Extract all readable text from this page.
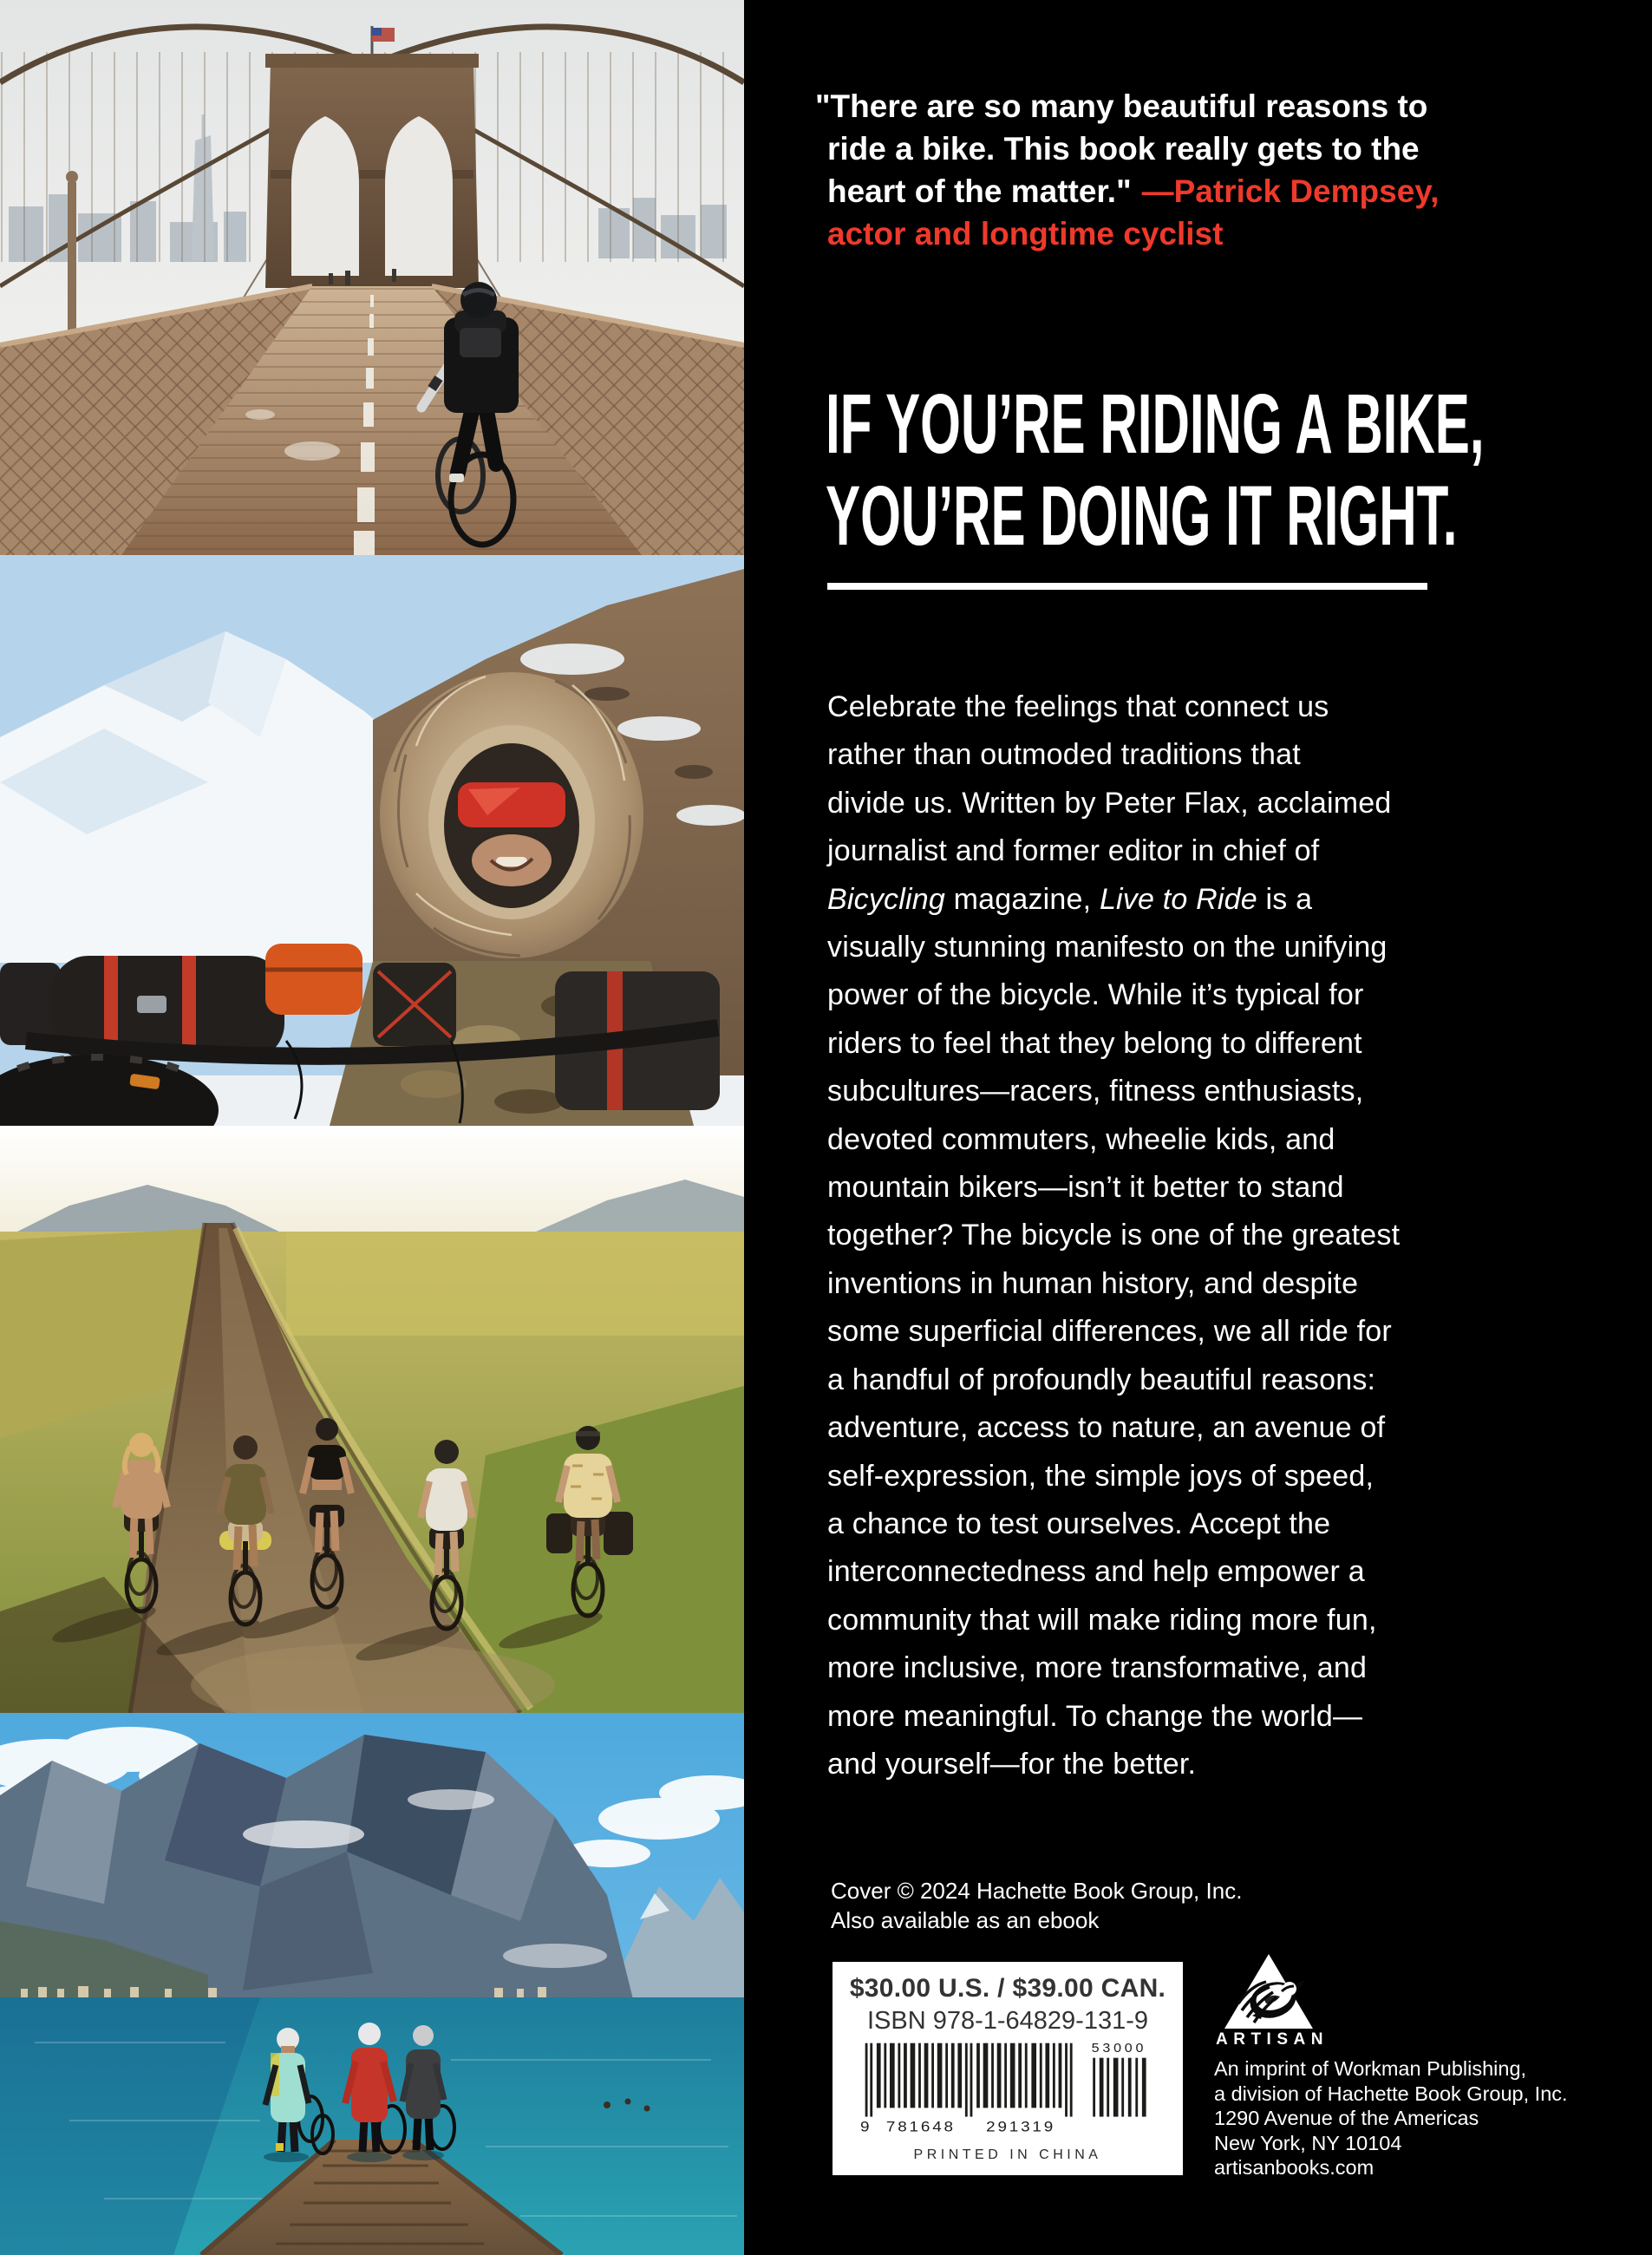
"There are so many beautiful reasons to
ride a bike. This book really gets to the
heart of the matter." —Patrick Dempsey,
actor and longtime cyclist
IF YOU’RE RIDING A BIKE,
YOU’RE DOING IT RIGHT.
Celebrate the feelings that connect us
rather than outmoded traditions that
divide us. Written by Peter Flax, acclaimed
journalist and former editor in chief of
Bicycling magazine, Live to Ride is a
visually stunning manifesto on the unifying
power of the bicycle. While it’s typical for
riders to feel that they belong to different
subcultures—racers, fitness enthusiasts,
devoted commuters, wheelie kids, and
mountain bikers—isn’t it better to stand
together? The bicycle is one of the greatest
inventions in human history, and despite
some superficial differences, we all ride for
a handful of profoundly beautiful reasons:
adventure, access to nature, an avenue of
self-expression, the simple joys of speed,
a chance to test ourselves. Accept the
interconnectedness and help empower a
community that will make riding more fun,
more inclusive, more transformative, and
more meaningful. To change the world—
and yourself—for the better.
Cover © 2024 Hachette Book Group, Inc.
Also available as an ebook
$30.00 U.S. / $39.00 CAN.
ISBN 978-1-64829-131-9
9 781648 291319
53000
PRINTED IN CHINA
ARTISAN
An imprint of Workman Publishing,
a division of Hachette Book Group, Inc.
1290 Avenue of the Americas
New York, NY 10104
artisanbooks.com
